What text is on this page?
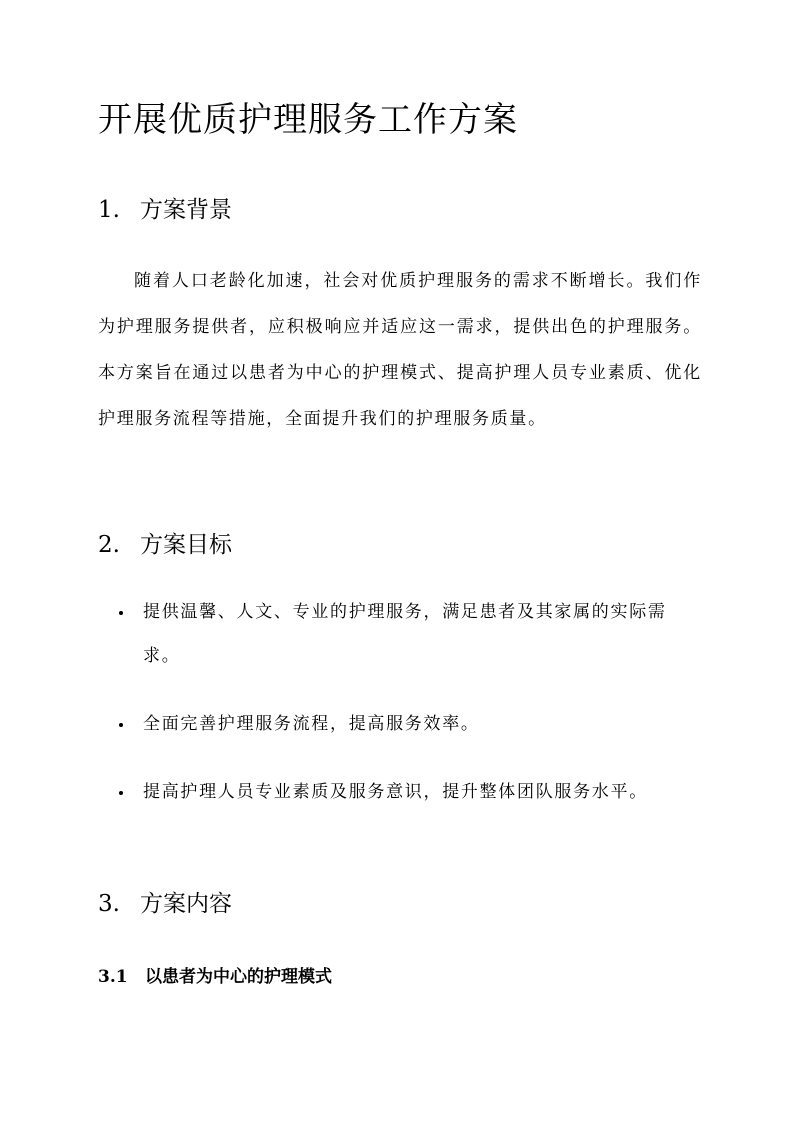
开展优质护理服务工作方案
1. 方案背景

随着人口老龄化加速，社会对优质护理服务的需求不断增长。我们作为护理服务提供者，应积极响应并适应这一需求，提供出色的护理服务。本方案旨在通过以患者为中心的护理模式、提高护理人员专业素质、优化护理服务流程等措施，全面提升我们的护理服务质量。

2. 方案目标
提供温馨、人文、专业的护理服务，满足患者及其家属的实际需求。
全面完善护理服务流程，提高服务效率。
提高护理人员专业素质及服务意识，提升整体团队服务水平。
3. 方案内容
3.1 以患者为中心的护理模式
